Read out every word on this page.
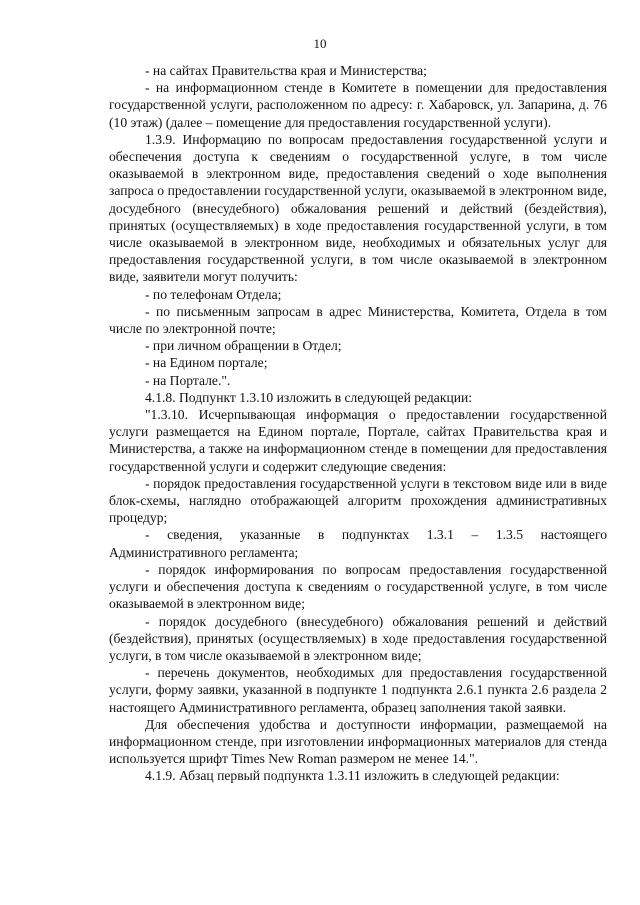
10

- на сайтах Правительства края и Министерства;

- на информационном стенде в Комитете в помещении для предоставления государственной услуги, расположенном по адресу: г. Хабаровск, ул. Запарина, д. 76 (10 этаж) (далее – помещение для предоставления государственной услуги).

1.3.9. Информацию по вопросам предоставления государственной услуги и обеспечения доступа к сведениям о государственной услуге, в том числе оказываемой в электронном виде, предоставления сведений о ходе выполнения запроса о предоставлении государственной услуги, оказываемой в электронном виде, досудебного (внесудебного) обжалования решений и действий (бездействия), принятых (осуществляемых) в ходе предоставления государственной услуги, в том числе оказываемой в электронном виде, необходимых и обязательных услуг для предоставления государственной услуги, в том числе оказываемой в электронном виде, заявители могут получить:

- по телефонам Отдела;

- по письменным запросам в адрес Министерства, Комитета, Отдела в том числе по электронной почте;

- при личном обращении в Отдел;

- на Едином портале;

- на Портале.".

4.1.8. Подпункт 1.3.10 изложить в следующей редакции:

"1.3.10. Исчерпывающая информация о предоставлении государственной услуги размещается на Едином портале, Портале, сайтах Правительства края и Министерства, а также на информационном стенде в помещении для предоставления государственной услуги и содержит следующие сведения:

- порядок предоставления государственной услуги в текстовом виде или в виде блок-схемы, наглядно отображающей алгоритм прохождения административных процедур;

- сведения, указанные в подпунктах 1.3.1 – 1.3.5 настоящего Административного регламента;

- порядок информирования по вопросам предоставления государственной услуги и обеспечения доступа к сведениям о государственной услуге, в том числе оказываемой в электронном виде;

- порядок досудебного (внесудебного) обжалования решений и действий (бездействия), принятых (осуществляемых) в ходе предоставления государственной услуги, в том числе оказываемой в электронном виде;

- перечень документов, необходимых для предоставления государственной услуги, форму заявки, указанной в подпункте 1 подпункта 2.6.1 пункта 2.6 раздела 2 настоящего Административного регламента, образец заполнения такой заявки.

Для обеспечения удобства и доступности информации, размещаемой на информационном стенде, при изготовлении информационных материалов для стенда используется шрифт Times New Roman размером не менее 14.".

4.1.9. Абзац первый подпункта 1.3.11 изложить в следующей редакции:
